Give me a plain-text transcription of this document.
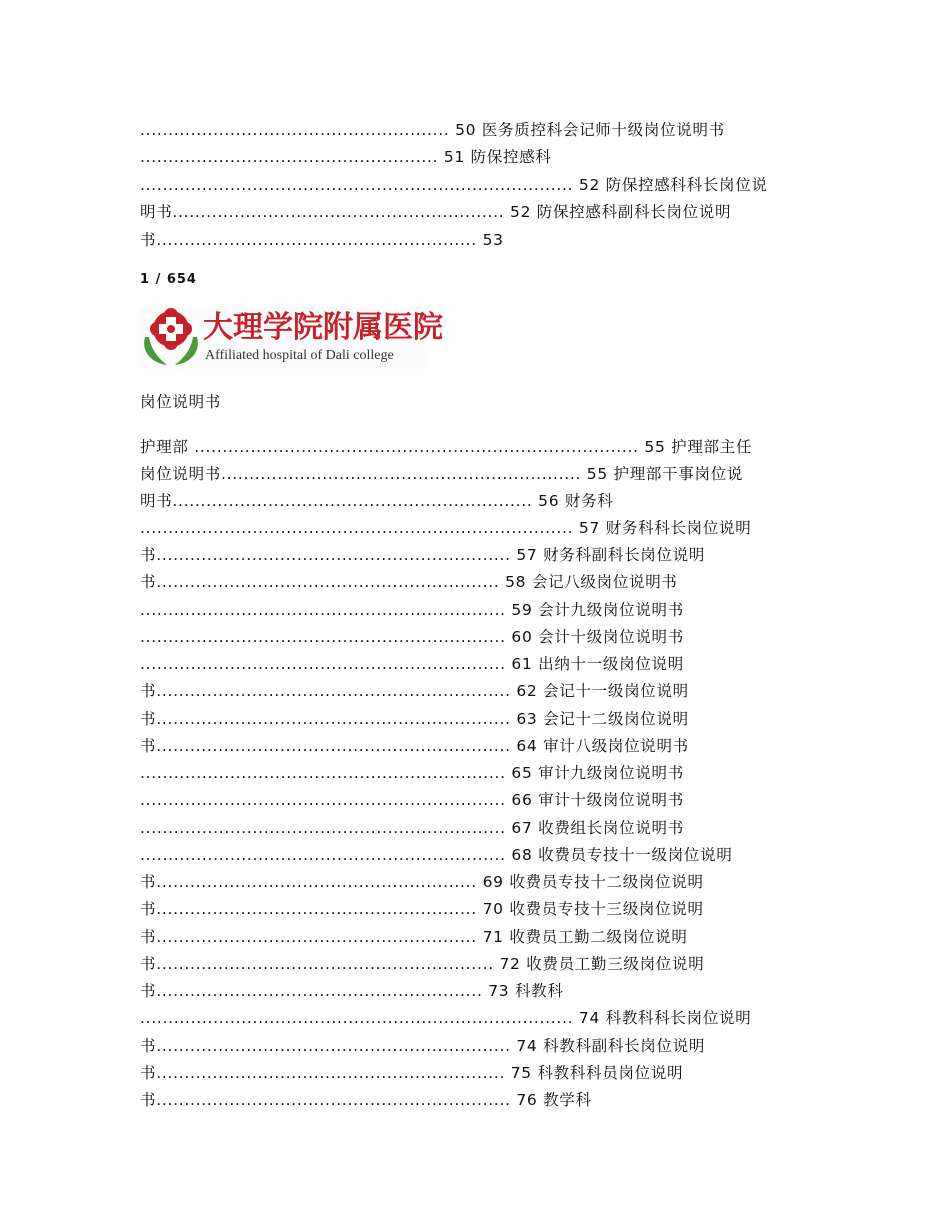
....................................................... 50 医务质控科会记师十级岗位说明书
..................................................... 51 防保控感科
............................................................................. 52 防保控感科科长岗位说
明书........................................................... 52 防保控感科副科长岗位说明
书......................................................... 53
1 / 654
大理学院附属医院
Affiliated hospital of Dali college
岗位说明书
护理部 ............................................................................... 55 护理部主任
岗位说明书................................................................ 55 护理部干事岗位说
明书................................................................ 56 财务科
............................................................................. 57 财务科科长岗位说明
书............................................................... 57 财务科副科长岗位说明
书............................................................. 58 会记八级岗位说明书
................................................................. 59 会计九级岗位说明书
................................................................. 60 会计十级岗位说明书
................................................................. 61 出纳十一级岗位说明
书............................................................... 62 会记十一级岗位说明
书............................................................... 63 会记十二级岗位说明
书............................................................... 64 审计八级岗位说明书
................................................................. 65 审计九级岗位说明书
................................................................. 66 审计十级岗位说明书
................................................................. 67 收费组长岗位说明书
................................................................. 68 收费员专技十一级岗位说明
书......................................................... 69 收费员专技十二级岗位说明
书......................................................... 70 收费员专技十三级岗位说明
书......................................................... 71 收费员工勤二级岗位说明
书............................................................ 72 收费员工勤三级岗位说明
书.......................................................... 73 科教科
............................................................................. 74 科教科科长岗位说明
书............................................................... 74 科教科副科长岗位说明
书.............................................................. 75 科教科科员岗位说明
书............................................................... 76 教学科
